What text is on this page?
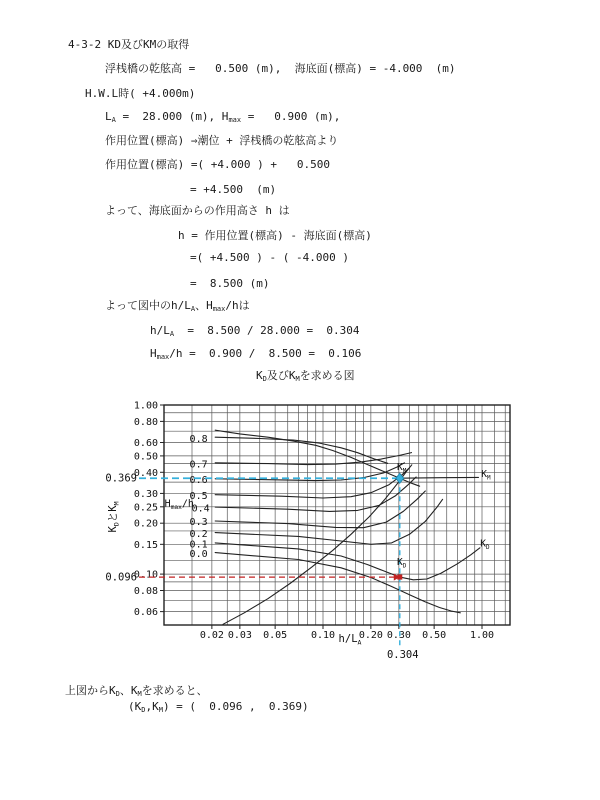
0.02 0.03 0.05 0.10 0.20 0.30 0.50 1.00
1.00
0.80
0.60
0.50
0.40
0.30
0.25
0.20
0.15
0.10
0.08
0.06
0.8
0.7
0.6
0.5
0.4
0.3
0.2
0.1
0.0
$H_{max}/h$
$h/L_A$
$K_D$と$K_M$
0.369
0.096
0.304
$K_M$	$K_M$
$K_D$
$K_D$
4-3-2 KD及びKMの取得
浮桟橋の乾舷高 =   0.500 (m),  海底面(標高) = -4.000  (m)
H.W.L時( +4.000m)
$L_A = 28.000$ (m), $H_{max} = 0.900$ (m),
作用位置(標高) ⇒潮位 + 浮桟橋の乾舷高より
作用位置(標高) =( +4.000 ) +   0.500
= +4.500  (m)
よって、海底面からの作用高さ h は
h = 作用位置(標高) - 海底面(標高)
=( +4.500 ) - ( -4.000 )
=  8.500 (m)
よって図中の$h/L_A$、$H_{max}/h$は
$h/L_A = 8.500 / 28.000 = 0.304$
$H_{max}/h = 0.900 / 8.500 = 0.106$
$K_D$及び$K_M$を求める図
上図から$K_D$、$K_M$を求めると、
$(K_D,K_M)$ = (  0.096 ,  0.369)
